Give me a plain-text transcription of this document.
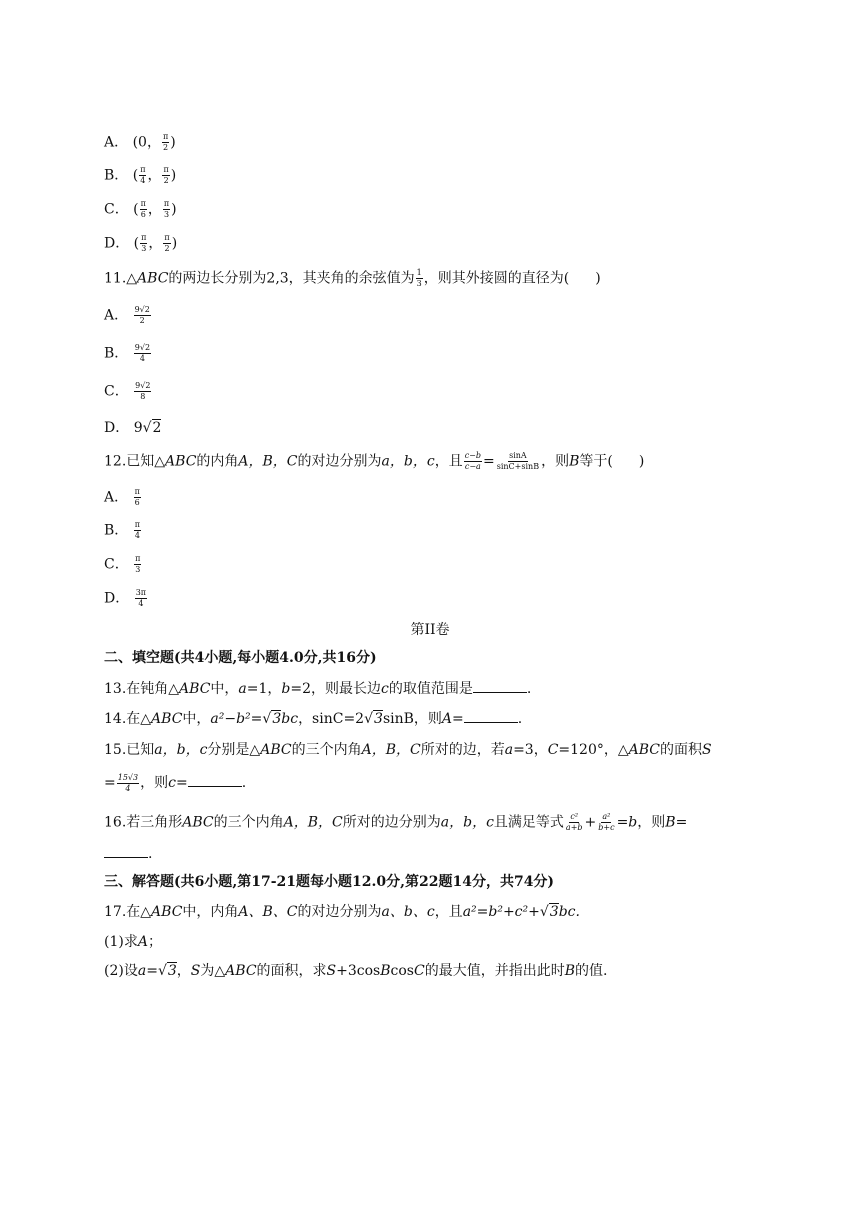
A． (0， $\frac{\pi}{2}$ )
B． ( $\frac{\pi}{4}$ ， $\frac{\pi}{2}$ )
C． ( $\frac{\pi}{6}$ ， $\frac{\pi}{3}$ )
D． ( $\frac{\pi}{3}$ ， $\frac{\pi}{2}$ )
11.△ABC的两边长分别为2,3，其夹角的余弦值为 $\frac{1}{3}$ ，则其外接圆的直径为( )
A． $\frac{9√2}{2}$
B． $\frac{9√2}{4}$
C． $\frac{9√2}{8}$
D． 9√2
12.已知△ABC的内角A，B，C的对边分别为a，b，c，且 $\frac{c-b}{c-a} = \frac{\sin A}{\sin C+\sin B}$ ，则B等于( )
A． $\frac{\pi}{6}$
B． $\frac{\pi}{4}$
C． $\frac{\pi}{3}$
D． $\frac{3\pi}{4}$
第II卷
二、填空题(共4小题,每小题4.0分,共16分)
13.在钝角△ABC中，a=1，b=2，则最长边c的取值范围是	.
14.在△ABC中，a²−b²=√3bc，sinC=2√3sinB，则A=	.
15.已知a，b，c分别是△ABC的三个内角A，B，C所对的边，若a=3，C=120°，△ABC的面积S
= $\frac{15√3}{4}$ ，则c=	.
16.若三角形ABC的三个内角A，B，C所对的边分别为a，b，c且满足等式 $\frac{\text{c²}}{a+b} + \frac{\text{a²}}{b+c} =b$，则B=
.
三、解答题(共6小题,第17-21题每小题12.0分,第22题14分，共74分)
17.在△ABC中，内角A、B、C的对边分别为a、b、c，且a²=b²+c²+√3bc.
(1)求A；
(2)设a=√3，S为△ABC的面积，求S+3cosBcosC的最大值，并指出此时B的值.
